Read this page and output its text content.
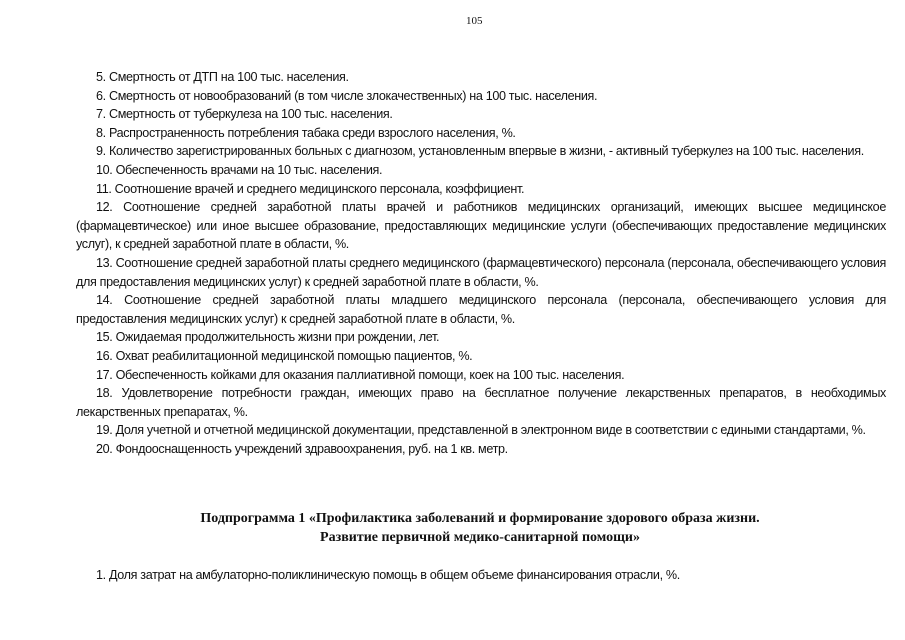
105

5. Смертность от ДТП на 100 тыс. населения.

6. Смертность от новообразований (в том числе злокачественных) на 100 тыс. населения.

7. Смертность от туберкулеза на 100 тыс. населения.

8. Распространенность потребления табака среди взрослого населения, %.

9. Количество зарегистрированных больных с диагнозом, установленным впервые в жизни, - активный туберкулез на 100 тыс. населения.

10. Обеспеченность врачами на 10 тыс. населения.

11. Соотношение врачей и среднего медицинского персонала, коэффициент.

12. Соотношение средней заработной платы врачей и работников медицинских организаций, имеющих высшее медицинское (фармацевтическое) или иное высшее образование, предоставляющих медицинские услуги (обеспечивающих предоставление медицинских услуг), к средней заработной плате в области, %.

13. Соотношение средней заработной платы среднего медицинского (фармацевтического) персонала (персонала, обеспечивающего условия для предоставления медицинских услуг) к средней заработной плате в области, %.

14. Соотношение средней заработной платы младшего медицинского персонала (персонала, обеспечивающего условия для предоставления медицинских услуг) к средней заработной плате в области, %.

15. Ожидаемая продолжительность жизни при рождении, лет.

16. Охват реабилитационной медицинской помощью пациентов, %.

17. Обеспеченность койками для оказания паллиативной помощи, коек на 100 тыс. населения.

18. Удовлетворение потребности граждан, имеющих право на бесплатное получение лекарственных препаратов, в необходимых лекарственных препаратах, %.

19. Доля учетной и отчетной медицинской документации, представленной в электронном виде в соответствии с едиными стандартами, %.

20. Фондооснащенность учреждений здравоохранения, руб. на 1 кв. метр.

Подпрограмма 1 «Профилактика заболеваний и формирование здорового образа жизни.
Развитие первичной медико-санитарной помощи»

1. Доля затрат на амбулаторно-поликлиническую помощь в общем объеме финансирования отрасли, %.
